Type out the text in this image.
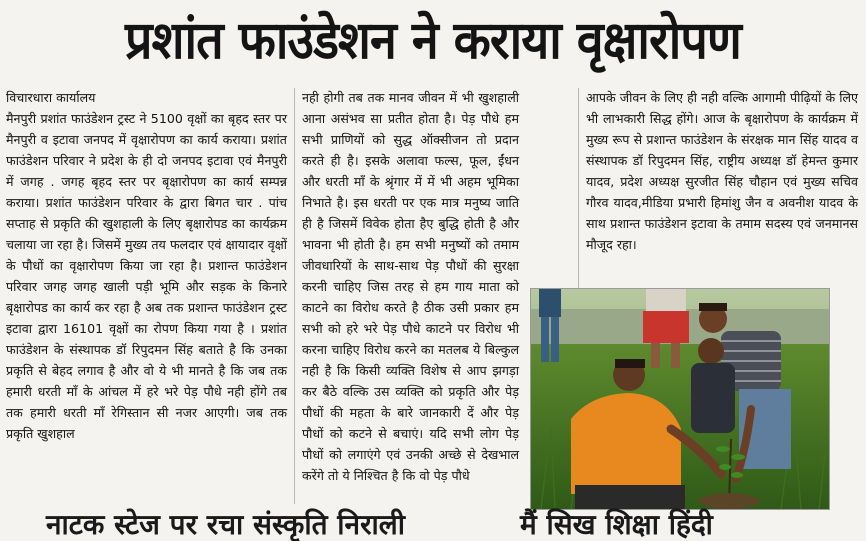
प्रशांत फाउंडेशन ने कराया वृक्षारोपण
विचारधारा कार्यालय

मैनपुरी प्रशांत फाउंडेशन ट्रस्ट ने 5100 वृक्षों का बृहद स्तर पर मैनपुरी व इटावा जनपद में वृक्षारोपण का कार्य कराया। प्रशांत फाउंडेशन परिवार ने प्रदेश के ही दो जनपद इटावा एवं मैनपुरी में जगह . जगह बृहद स्तर पर बृक्षारोपण का कार्य सम्पन्न कराया। प्रशांत फाउंडेशन परिवार के द्वारा बिगत चार . पांच सप्ताह से प्रकृति की खुशहाली के लिए बृक्षारोपड का कार्यक्रम चलाया जा रहा है। जिसमें मुख्य तय फलदार एवं क्षायादार वृक्षों के पौधों का वृक्षारोपण किया जा रहा है। प्रशान्त फाउंडेशन परिवार जगह जगह खाली पड़ी भूमि और सड़क के किनारे बृक्षारोपड का कार्य कर रहा है अब तक प्रशान्त फाउंडेशन ट्रस्ट इटावा द्वारा 16101 वृक्षों का रोपण किया गया है । प्रशांत फाउंडेशन के संस्थापक डॉ रिपुदमन सिंह बताते है कि उनका प्रकृति से बेहद लगाव है और वो ये भी मानते है कि जब तक हमारी धरती मॉं के आंचल में हरे भरे पेड़ पौधे नही होंगे तब तक हमारी धरती मॉं रेगिस्तान सी नजर आएगी। जब तक प्रकृति खुशहाल

नही होगी तब तक मानव जीवन में भी खुशहाली आना असंभव सा प्रतीत होता है। पेड़ पौधे हम सभी प्राणियों को सुद्ध ऑक्सीजन तो प्रदान करते ही है। इसके अलावा फल्स, फूल, ईंधन और धरती मॉं के श्रृंगार में में भी अहम भूमिका निभाते है। इस धरती पर एक मात्र मनुष्य जाति ही है जिसमें विवेक होता हैए बुद्धि होती है और भावना भी होती है। हम सभी मनुष्यों को तमाम जीवधारियों के साथ-साथ पेड़ पौधों की सुरक्षा करनी चाहिए जिस तरह से हम गाय माता को काटने का विरोध करते है ठीक उसी प्रकार हम सभी को हरे भरे पेड़ पौधे काटने पर विरोध भी करना चाहिए विरोध करने का मतलब ये बिल्कुल नही है कि किसी व्यक्ति विशेष से आप झगड़ा कर बैठे वल्कि उस व्यक्ति को प्रकृति और पेड़ पौधों की महता के बारे जानकारी दें और पेड़ पौधों को कटने से बचाएं। यदि सभी लोग पेड़ पौधों को लगाएंगे एवं उनकी अच्छे से देखभाल करेंगे तो ये निश्चित है कि वो पेड़ पौधे

आपके जीवन के लिए ही नही वल्कि आगामी पीढ़ियों के लिए भी लाभकारी सिद्ध होंगे। आज के बृक्षारोपण के कार्यक्रम में मुख्य रूप से प्रशान्त फाउंडेशन के संरक्षक मान सिंह यादव व संस्थापक डॉ रिपुदमन सिंह, राष्ट्रीय अध्यक्ष डॉ हेमन्त कुमार यादव, प्रदेश अध्यक्ष सुरजीत सिंह चौहान एवं मुख्य सचिव गौरव यादव,मीडिया प्रभारी हिमांशु जैन व अवनीश यादव के साथ प्रशान्त फाउंडेशन इटावा के तमाम सदस्य एवं जनमानस मौजूद रहा।

नाटक स्टेज पर रचा संस्कृति निराली	मैं सिख शिक्षा हिंदी
